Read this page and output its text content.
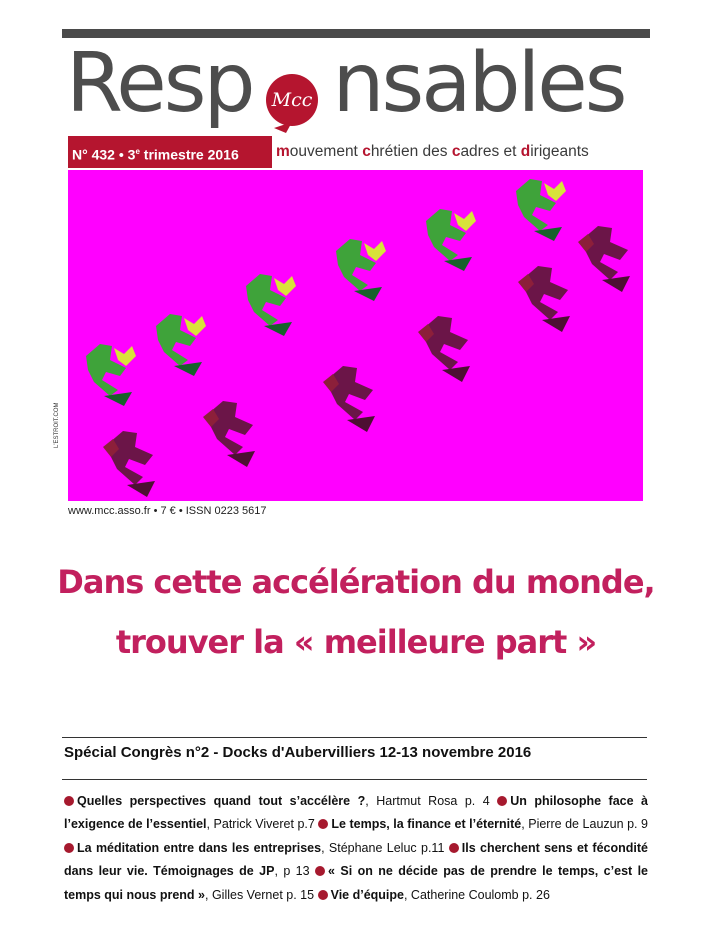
Resp nsables
Mcc
N° 432 • 3e trimestre 2016	mouvement chrétien des cadres et dirigeants
L'ESTROIT.COM
www.mcc.asso.fr • 7 € • ISSN 0223 5617
Dans cette accélération du monde,
trouver la « meilleure part »
Spécial Congrès n°2 - Docks d'Aubervilliers 12-13 novembre 2016
Quelles perspectives quand tout s’accélère ?, Hartmut Rosa p. 4 Un philosophe face à l’exigence de l’essentiel, Patrick Viveret p.7 Le temps, la finance et l’éternité, Pierre de Lauzun p. 9 La méditation entre dans les entreprises, Stéphane Leluc p.11 Ils cherchent sens et fécondité dans leur vie. Témoignages de JP, p 13 « Si on ne décide pas de prendre le temps, c’est le temps qui nous prend », Gilles Vernet p. 15 Vie d’équipe, Catherine Coulomb p. 26
